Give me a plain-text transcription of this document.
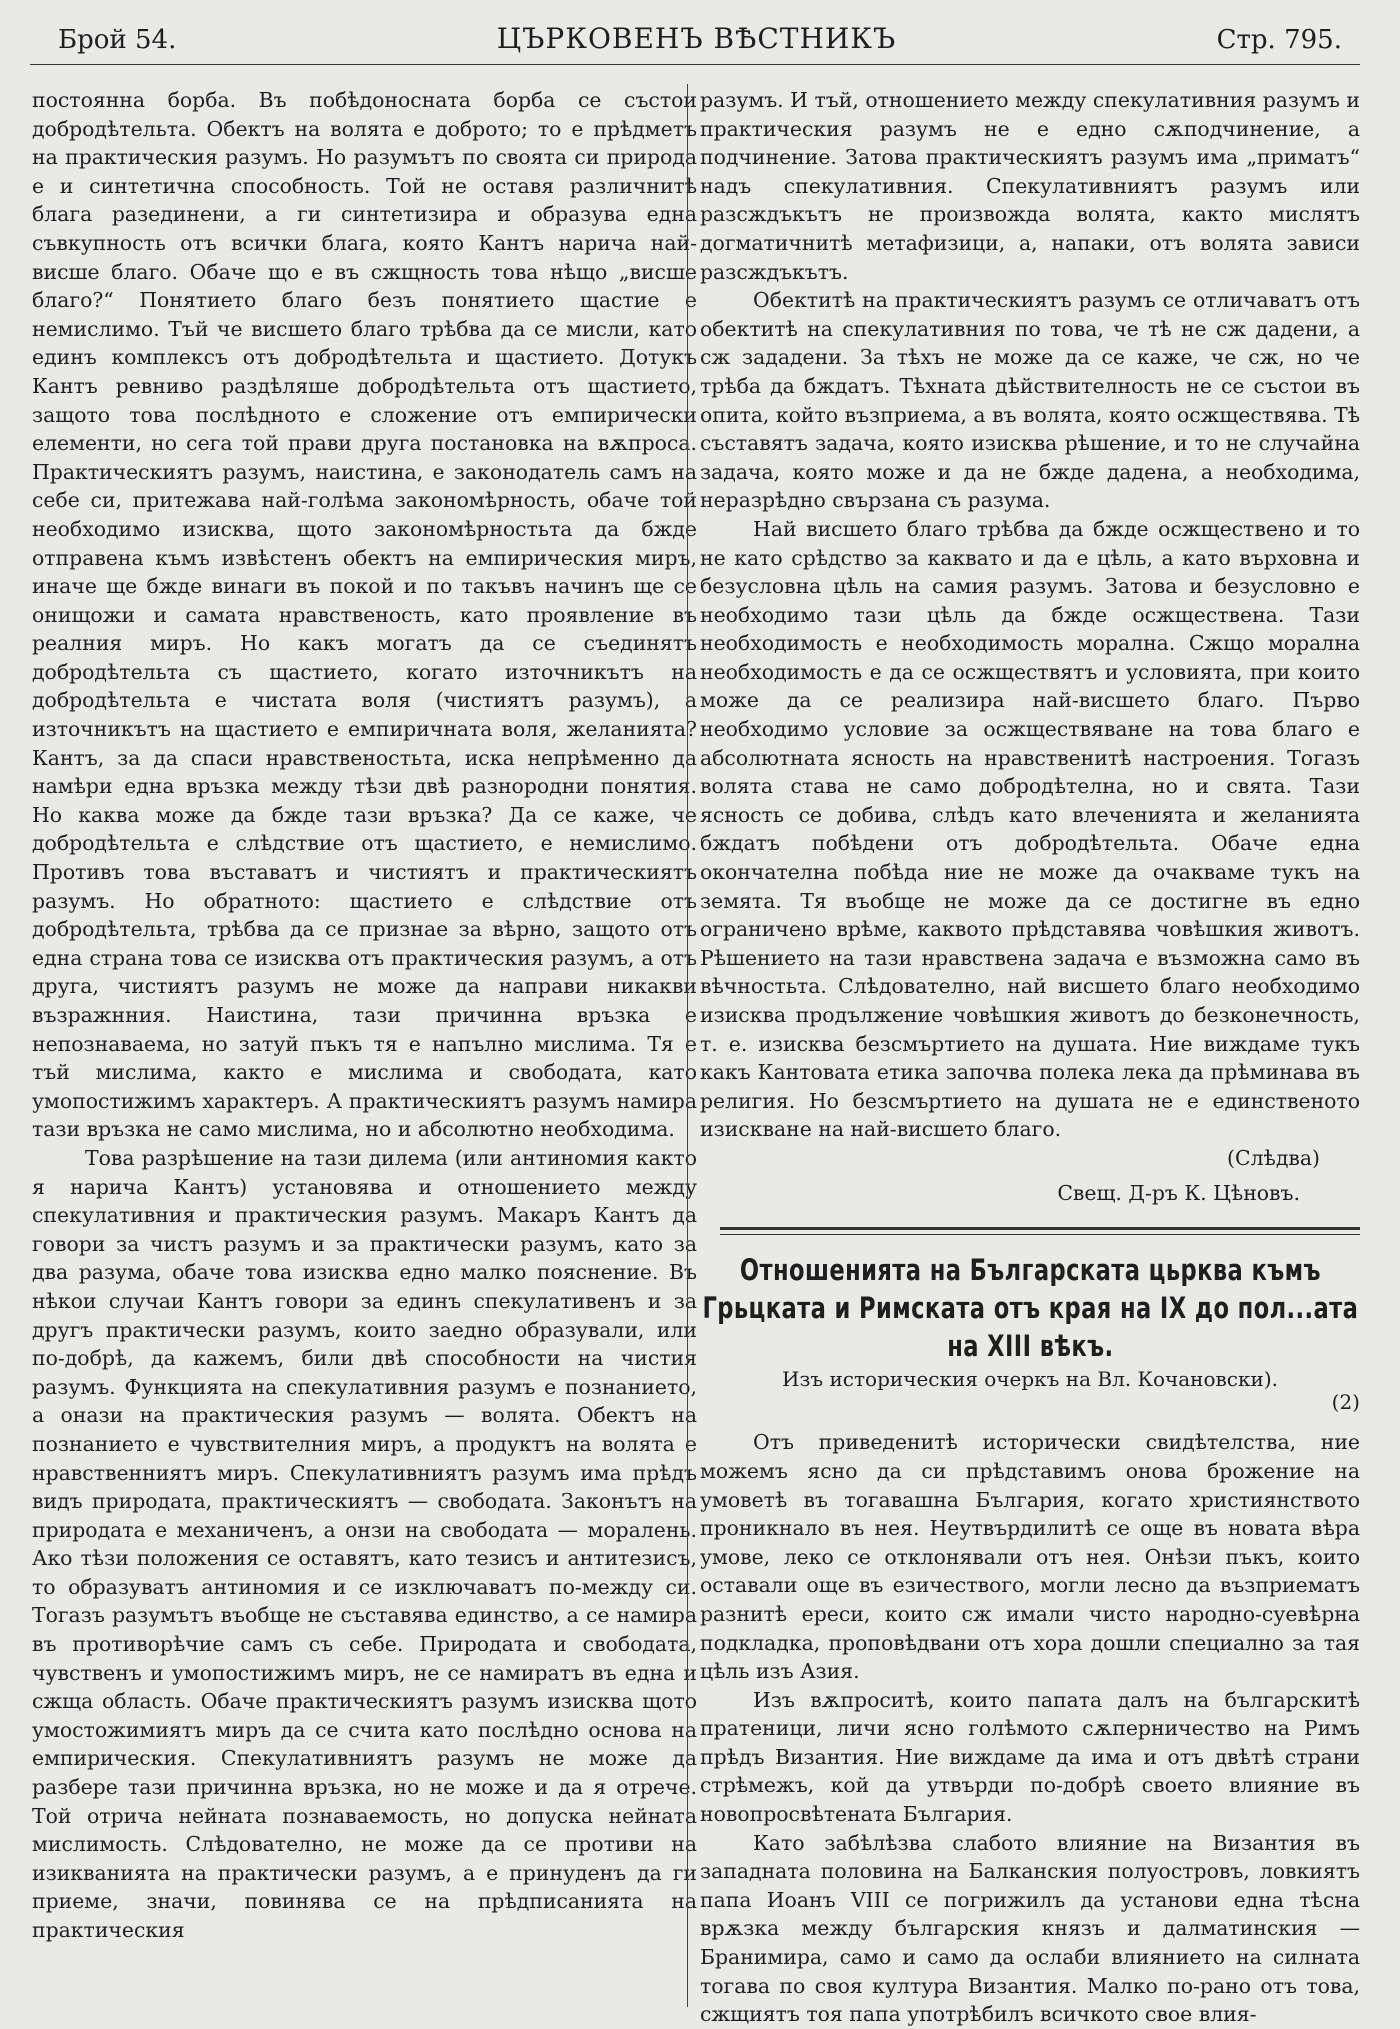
Брой 54.	ЦЪРКОВЕНЪ ВѢСТНИКЪ	Стр. 795.

постоянна борба. Въ побѣдоносната борба се състои добродѣтельта. Обектъ на волята е доброто; то е прѣдметъ на практическия разумъ. Но разумътъ по своята си природа е и синтетична способность. Той не оставя различнитѣ блага разединени, а ги синтетизира и образува една съвкупность отъ всички блага, която Кантъ нарича най-висше благо. Обаче що е въ сжщность това нѣщо „висше благо?“ Понятието благо безъ понятието щастие е немислимо. Тъй че висшето благо трѣбва да се мисли, като единъ комплексъ отъ добродѣтельта и щастието. Дотукъ Кантъ ревниво раздѣляше добродѣтельта отъ щастието, защото това послѣдното е сложение отъ емпирически елементи, но сега той прави друга постановка на вѫпроса. Практическиятъ разумъ, наистина, е законодатель самъ на себе си, притежава най-голѣма закономѣрность, обаче той необходимо изисква, щото закономѣрностьта да бжде отправена къмъ извѣстенъ обектъ на емпирическия миръ, иначе ще бжде винаги въ покой и по такъвъ начинъ ще се онищожи и самата нравственость, като проявление въ реалния миръ. Но какъ могатъ да се съединятъ добродѣтельта съ щастието, когато източникътъ на добродѣтельта е чистата воля (чистиятъ разумъ), а източникътъ на щастието е емпиричната воля, желанията? Кантъ, за да спаси нравственостьта, иска непрѣменно да намѣри една връзка между тѣзи двѣ разнородни понятия. Но каква може да бжде тази връзка? Да се каже, че добродѣтельта е слѣдствие отъ щастието, е немислимо. Противъ това въставатъ и чистиятъ и практическиятъ разумъ. Но обратното: щастието е слѣдствие отъ добродѣтельта, трѣбва да се признае за вѣрно, защото отъ една страна това се изисква отъ практическия разумъ, а отъ друга, чистиятъ разумъ не може да направи никакви възражнния. Наистина, тази причинна връзка е непознаваема, но затуй пъкъ тя е напълно мислима. Тя е тъй мислима, както е мислима и свободата, като умопостижимъ характеръ. А практическиятъ разумъ намира тази връзка не само мислима, но и абсолютно необходима.

Това разрѣшение на тази дилема (или антиномия както я нарича Кантъ) установява и отношението между спекулативния и практическия разумъ. Макаръ Кантъ да говори за чистъ разумъ и за практически разумъ, като за два разума, обаче това изисква едно малко пояснение. Въ нѣкои случаи Кантъ говори за единъ спекулативенъ и за другъ практически разумъ, които заедно образували, или по-добрѣ, да кажемъ, били двѣ способности на чистия разумъ. Функцията на спекулативния разумъ е познанието, а онази на практическия разумъ — волята. Обектъ на познанието е чувствителния миръ, а продуктъ на волята е нравственниятъ миръ. Спекулативниятъ разумъ има прѣдъ видъ природата, практическиятъ — свободата. Законътъ на природата е механиченъ, а онзи на свободата — моралень. Ако тѣзи положения се оставятъ, като тезисъ и антитезисъ, то образуватъ антиномия и се изключаватъ по-между си. Тогазъ разумътъ въобще не съставява единство, а се намира въ противорѣчие самъ съ себе. Природата и свободата, чувственъ и умопостижимъ миръ, не се намиратъ въ една и сжща область. Обаче практическиятъ разумъ изисква щото умостожимиятъ миръ да се счита като послѣдно основа на емпирическия. Спекулативниятъ разумъ не може да разбере тази причинна връзка, но не може и да я отрече. Той отрича нейната познаваемость, но допуска нейната мислимость. Слѣдователно, не може да се противи на изикванията на практически разумъ, а е принуденъ да ги приеме, значи, повинява се на прѣдписанията на практическия

разумъ. И тъй, отношението между спекулативния разумъ и практическия разумъ не е едно сѫподчинение, а подчинение. Затова практическиятъ разумъ има „приматъ“ надъ спекулативния. Спекулативниятъ разумъ или разсждъкътъ не произвожда волята, както мислятъ догматичнитѣ метафизици, а, напаки, отъ волята зависи разсждъкътъ.

Обектитѣ на практическиятъ разумъ се отличаватъ отъ обектитѣ на спекулативния по това, че тѣ не сж дадени, а сж зададени. За тѣхъ не може да се каже, че сж, но че трѣба да бждатъ. Тѣхната дѣйствителность не се състои въ опита, който възприема, а въ волята, която осжществява. Тѣ съставятъ задача, която изисква рѣшение, и то не случайна задача, която може и да не бжде дадена, а необходима, неразрѣдно свързана съ разума.

Най висшето благо трѣбва да бжде осжществено и то не като срѣдство за каквато и да е цѣль, а като върховна и безусловна цѣль на самия разумъ. Затова и безусловно е необходимо тази цѣль да бжде осжществена. Тази необходимость е необходимость морална. Сжщо морална необходимость е да се осжществятъ и условията, при които може да се реализира най-висшето благо. Първо необходимо условие за осжществяване на това благо е абсолютната ясность на нравственитѣ настроения. Тогазъ волята става не само добродѣтелна, но и свята. Тази ясность се добива, слѣдъ като влеченията и желанията бждатъ побѣдени отъ добродѣтельта. Обаче една окончателна побѣда ние не може да очакваме тукъ на земята. Тя въобще не може да се достигне въ едно ограничено врѣме, каквото прѣдставява човѣшкия животъ. Рѣшението на тази нравствена задача е възможна само въ вѣчностьта. Слѣдователно, най висшето благо необходимо изисква продължение човѣшкия животъ до безконечность, т. е. изисква безсмъртието на душата. Ние виждаме тукъ какъ Кантовата етика започва полека лека да прѣминава въ религия. Но безсмъртието на душата не е единственото изискване на най-висшето благо.

(Слѣдва)

Свещ. Д-ръ К. Цѣновъ.

Отношенията на Българската цьрква къмъ Грьцката и Римската отъ края на IX до пол...ата на XIII вѣкъ.

Изъ историческия очеркъ на Вл. Кочановски).

(2)

Отъ приведенитѣ исторически свидѣтелства, ние можемъ ясно да си прѣдставимъ онова брожение на умоветѣ въ тогавашна България, когато християнството проникнало въ нея. Неутвърдилитѣ се още въ новата вѣра умове, леко се отклонявали отъ нея. Онѣзи пъкъ, които оставали още въ езичествого, могли лесно да възприематъ разнитѣ ереси, които сж имали чисто народно-суевѣрна подкладка, проповѣдвани отъ хора дошли специално за тая цѣль изъ Азия.

Изъ вѫпроситѣ, които папата далъ на българскитѣ пратеници, личи ясно голѣмото сѫперничество на Римъ прѣдъ Византия. Ние виждаме да има и отъ двѣтѣ страни стрѣмежъ, кой да утвърди по-добрѣ своето влияние въ новопросвѣтената България.

Като забѣлѣзва слабото влияние на Византия въ западната половина на Балканския полуостровъ, ловкиятъ папа Иоанъ VIII се погрижилъ да установи една тѣсна врѫзка между българския князъ и далматинския — Бранимира, само и само да ослаби влиянието на силната тогава по своя култура Византия. Малко по-рано отъ това, сжщиятъ тоя папа употрѣбилъ всичкото свое влия-
